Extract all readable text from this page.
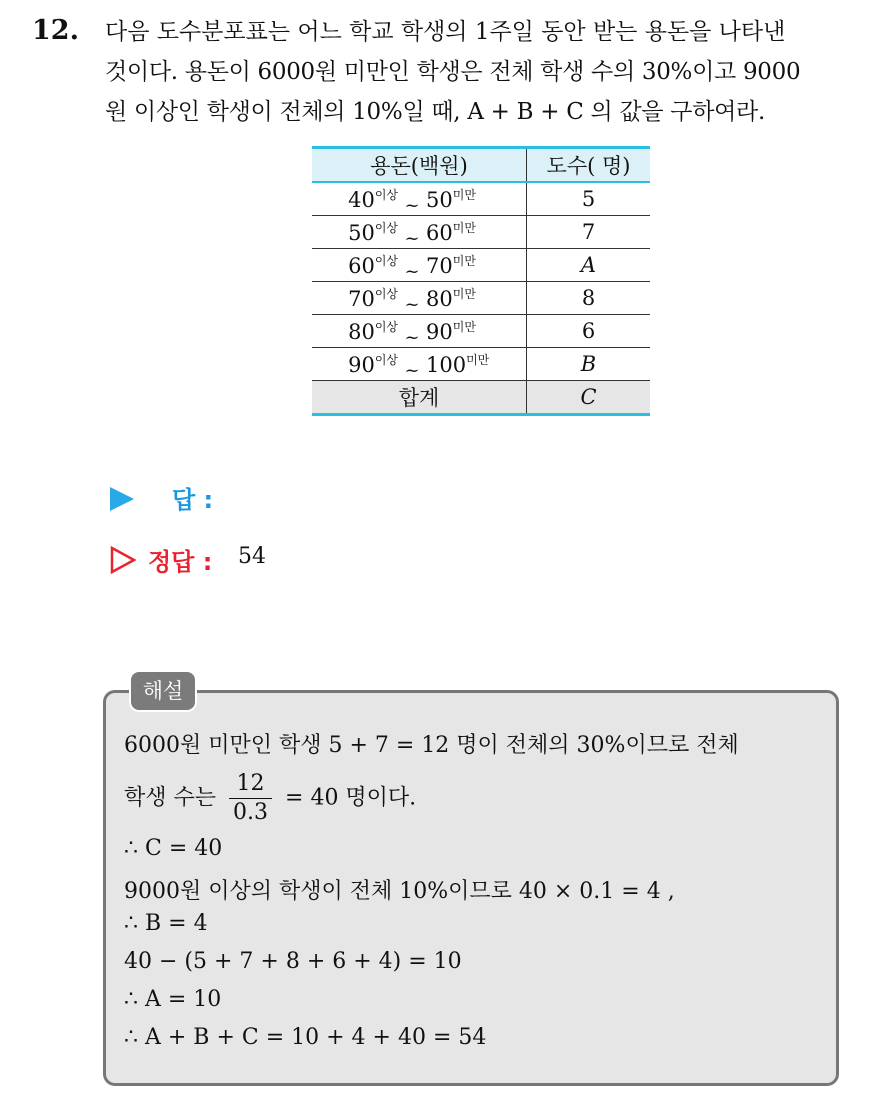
12. 다음 도수분포표는 어느 학교 학생의 1주일 동안 받는 용돈을 나타낸
것이다. 용돈이 6000원 미만인 학생은 전체 학생 수의 30%이고 9000
원 이상인 학생이 전체의 10%일 때, A + B + C 의 값을 구하여라.
용돈(백원)	도수( 명)
$40^{이상}$ ~ $50^{미만}$	5
$50^{이상}$ ~ $60^{미만}$	7
$60^{이상}$ ~ $70^{미만}$	A
$70^{이상}$ ~ $80^{미만}$	8
$80^{이상}$ ~ $90^{미만}$	6
$90^{이상}$ ~ $100^{미만}$	B
합계	C
답 :
정답 : 54
해설
6000원 미만인 학생 5 + 7 = 12 명이 전체의 30%이므로 전체
학생 수는 $\frac{12}{0.3} = 40$ 명이다.
∴ C = 40
9000원 이상의 학생이 전체 10%이므로 40 × 0.1 = 4 ,
∴ B = 4
40 − (5 + 7 + 8 + 6 + 4) = 10
∴ A = 10
∴ A + B + C = 10 + 4 + 40 = 54
